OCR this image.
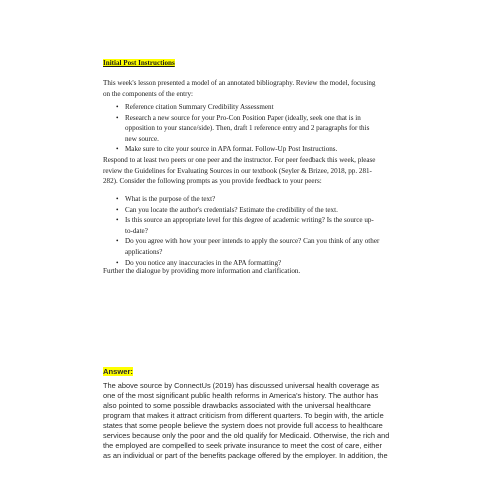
Initial Post Instructions

This week's lesson presented a model of an annotated bibliography. Review the model, focusing
on the components of the entry:

• Reference citation Summary Credibility Assessment
• Research a new source for your Pro-Con Position Paper (ideally, seek one that is in
opposition to your stance/side). Then, draft 1 reference entry and 2 paragraphs for this
new source.
• Make sure to cite your source in APA format. Follow-Up Post Instructions.

Respond to at least two peers or one peer and the instructor. For peer feedback this week, please
review the Guidelines for Evaluating Sources in our textbook (Seyler & Brizee, 2018, pp. 281-
282). Consider the following prompts as you provide feedback to your peers:

• What is the purpose of the text?
• Can you locate the author's credentials? Estimate the credibility of the text.
• Is this source an appropriate level for this degree of academic writing? Is the source up-
to-date?
• Do you agree with how your peer intends to apply the source? Can you think of any other
applications?
• Do you notice any inaccuracies in the APA formatting?

Further the dialogue by providing more information and clarification.

Answer:

The above source by ConnectUs (2019) has discussed universal health coverage as
one of the most significant public health reforms in America's history. The author has
also pointed to some possible drawbacks associated with the universal healthcare
program that makes it attract criticism from different quarters. To begin with, the article
states that some people believe the system does not provide full access to healthcare
services because only the poor and the old qualify for Medicaid. Otherwise, the rich and
the employed are compelled to seek private insurance to meet the cost of care, either
as an individual or part of the benefits package offered by the employer. In addition, the
